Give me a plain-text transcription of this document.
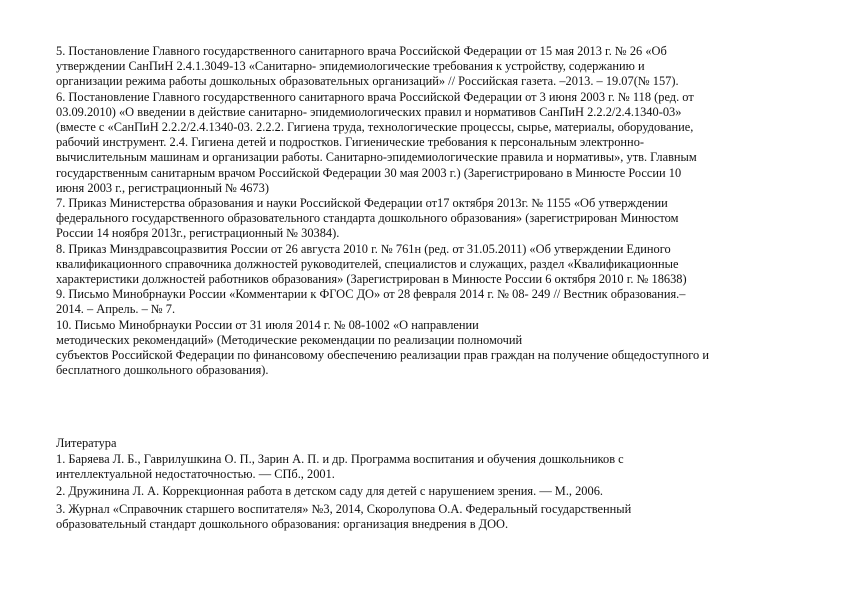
5. Постановление Главного государственного санитарного врача Российской Федерации от 15 мая 2013 г. № 26 «Об

утверждении СанПиН 2.4.1.3049-13 «Санитарно- эпидемиологические требования к устройству, содержанию и

организации режима работы дошкольных образовательных организаций» // Российская газета. –2013. – 19.07(№ 157).

6. Постановление Главного государственного санитарного врача Российской Федерации от 3 июня 2003 г. № 118 (ред. от

03.09.2010) «О введении в действие санитарно- эпидемиологических правил и нормативов СанПиН 2.2.2/2.4.1340-03»

(вместе с «СанПиН 2.2.2/2.4.1340-03. 2.2.2. Гигиена труда, технологические процессы, сырье, материалы, оборудование,

рабочий инструмент. 2.4. Гигиена детей и подростков. Гигиенические требования к персональным электронно-

вычислительным машинам и организации работы. Санитарно-эпидемиологические правила и нормативы», утв. Главным

государственным санитарным врачом Российской Федерации 30 мая 2003 г.) (Зарегистрировано в Минюсте России 10

июня 2003 г., регистрационный № 4673)

7. Приказ Министерства образования и науки Российской Федерации от17 октября 2013г. № 1155 «Об утверждении

федерального государственного образовательного стандарта дошкольного образования» (зарегистрирован Минюстом

России 14 ноября 2013г., регистрационный № 30384).

8. Приказ Минздравсоцразвития России от 26 августа 2010 г. № 761н (ред. от 31.05.2011) «Об утверждении Единого

квалификационного справочника должностей руководителей, специалистов и служащих, раздел «Квалификационные

характеристики должностей работников образования» (Зарегистрирован в Минюсте России 6 октября 2010 г. № 18638)

9. Письмо Минобрнауки России «Комментарии к ФГОС ДО» от 28 февраля 2014 г. № 08- 249 // Вестник образования.–

2014. – Апрель. – № 7.

10. Письмо Минобрнауки России от 31 июля 2014 г. № 08-1002 «О направлении

методических рекомендаций» (Методические рекомендации по реализации полномочий

субъектов Российской Федерации по финансовому обеспечению реализации прав граждан на получение общедоступного и

бесплатного дошкольного образования).

Литература

1. Баряева Л. Б., Гаврилушкина О. П., Зарин А. П. и др. Программа воспитания и обучения дошкольников с

интеллектуальной недостаточностью. — СПб., 2001.

2. Дружинина Л. А. Коррекционная работа в детском саду для детей с нарушением зрения. — М., 2006.

3. Журнал «Справочник старшего воспитателя» №3, 2014, Скоролупова О.А. Федеральный государственный

образовательный стандарт дошкольного образования: организация внедрения в ДОО.
